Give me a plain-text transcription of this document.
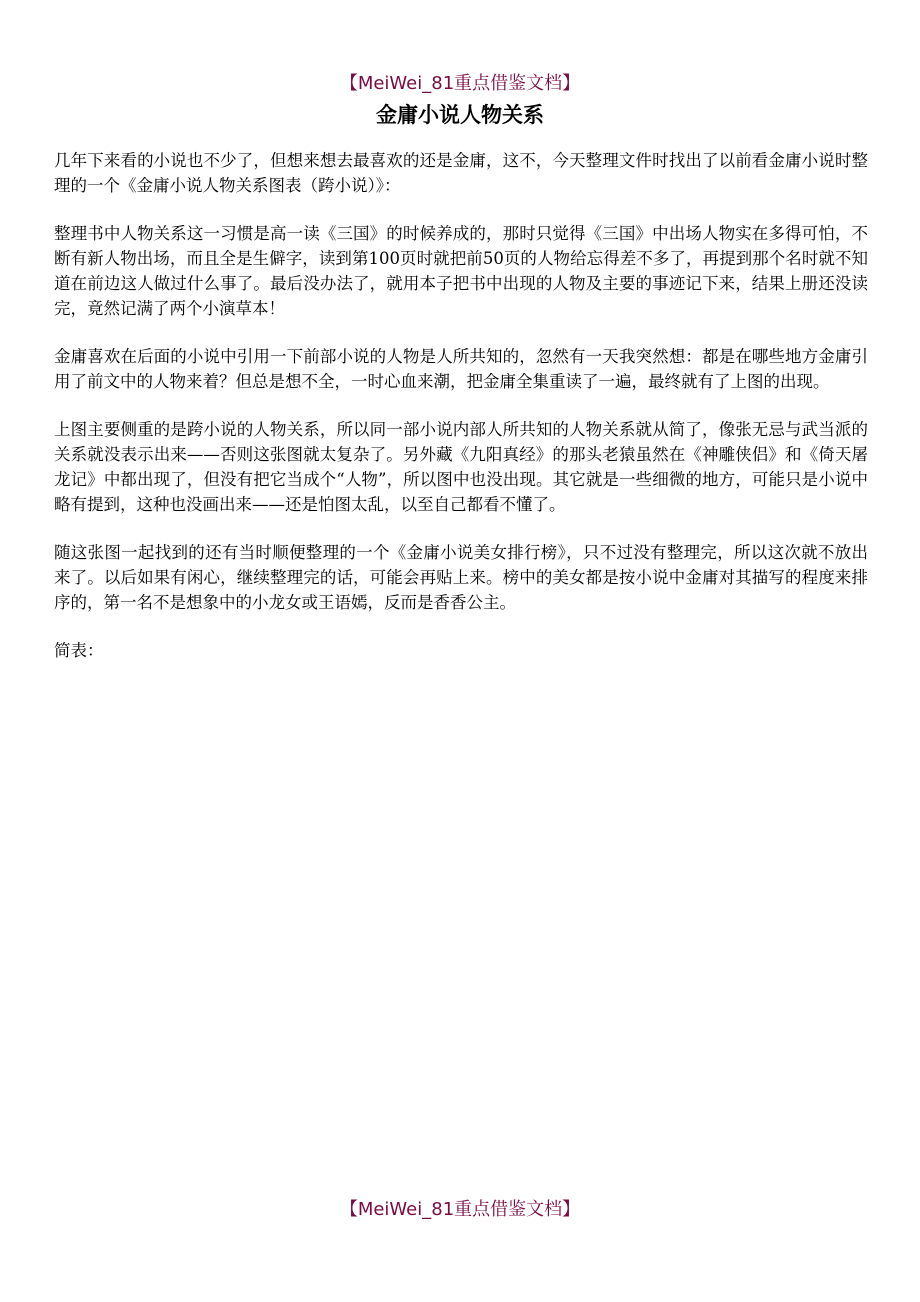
【MeiWei_81重点借鉴文档】
金庸小说人物关系

几年下来看的小说也不少了，但想来想去最喜欢的还是金庸，这不，今天整理文件时找出了以前看金庸小说时整理的一个《金庸小说人物关系图表（跨小说）》：

整理书中人物关系这一习惯是高一读《三国》的时候养成的，那时只觉得《三国》中出场人物实在多得可怕，不断有新人物出场，而且全是生僻字，读到第100页时就把前50页的人物给忘得差不多了，再提到那个名时就不知道在前边这人做过什么事了。最后没办法了，就用本子把书中出现的人物及主要的事迹记下来，结果上册还没读完，竟然记满了两个小演草本！

金庸喜欢在后面的小说中引用一下前部小说的人物是人所共知的，忽然有一天我突然想：都是在哪些地方金庸引用了前文中的人物来着？但总是想不全，一时心血来潮，把金庸全集重读了一遍，最终就有了上图的出现。

上图主要侧重的是跨小说的人物关系，所以同一部小说内部人所共知的人物关系就从简了，像张无忌与武当派的关系就没表示出来——否则这张图就太复杂了。另外藏《九阳真经》的那头老猿虽然在《神雕侠侣》和《倚天屠龙记》中都出现了，但没有把它当成个“人物”，所以图中也没出现。其它就是一些细微的地方，可能只是小说中略有提到，这种也没画出来——还是怕图太乱，以至自己都看不懂了。

随这张图一起找到的还有当时顺便整理的一个《金庸小说美女排行榜》，只不过没有整理完，所以这次就不放出来了。以后如果有闲心，继续整理完的话，可能会再贴上来。榜中的美女都是按小说中金庸对其描写的程度来排序的，第一名不是想象中的小龙女或王语嫣，反而是香香公主。

简表：

【MeiWei_81重点借鉴文档】
